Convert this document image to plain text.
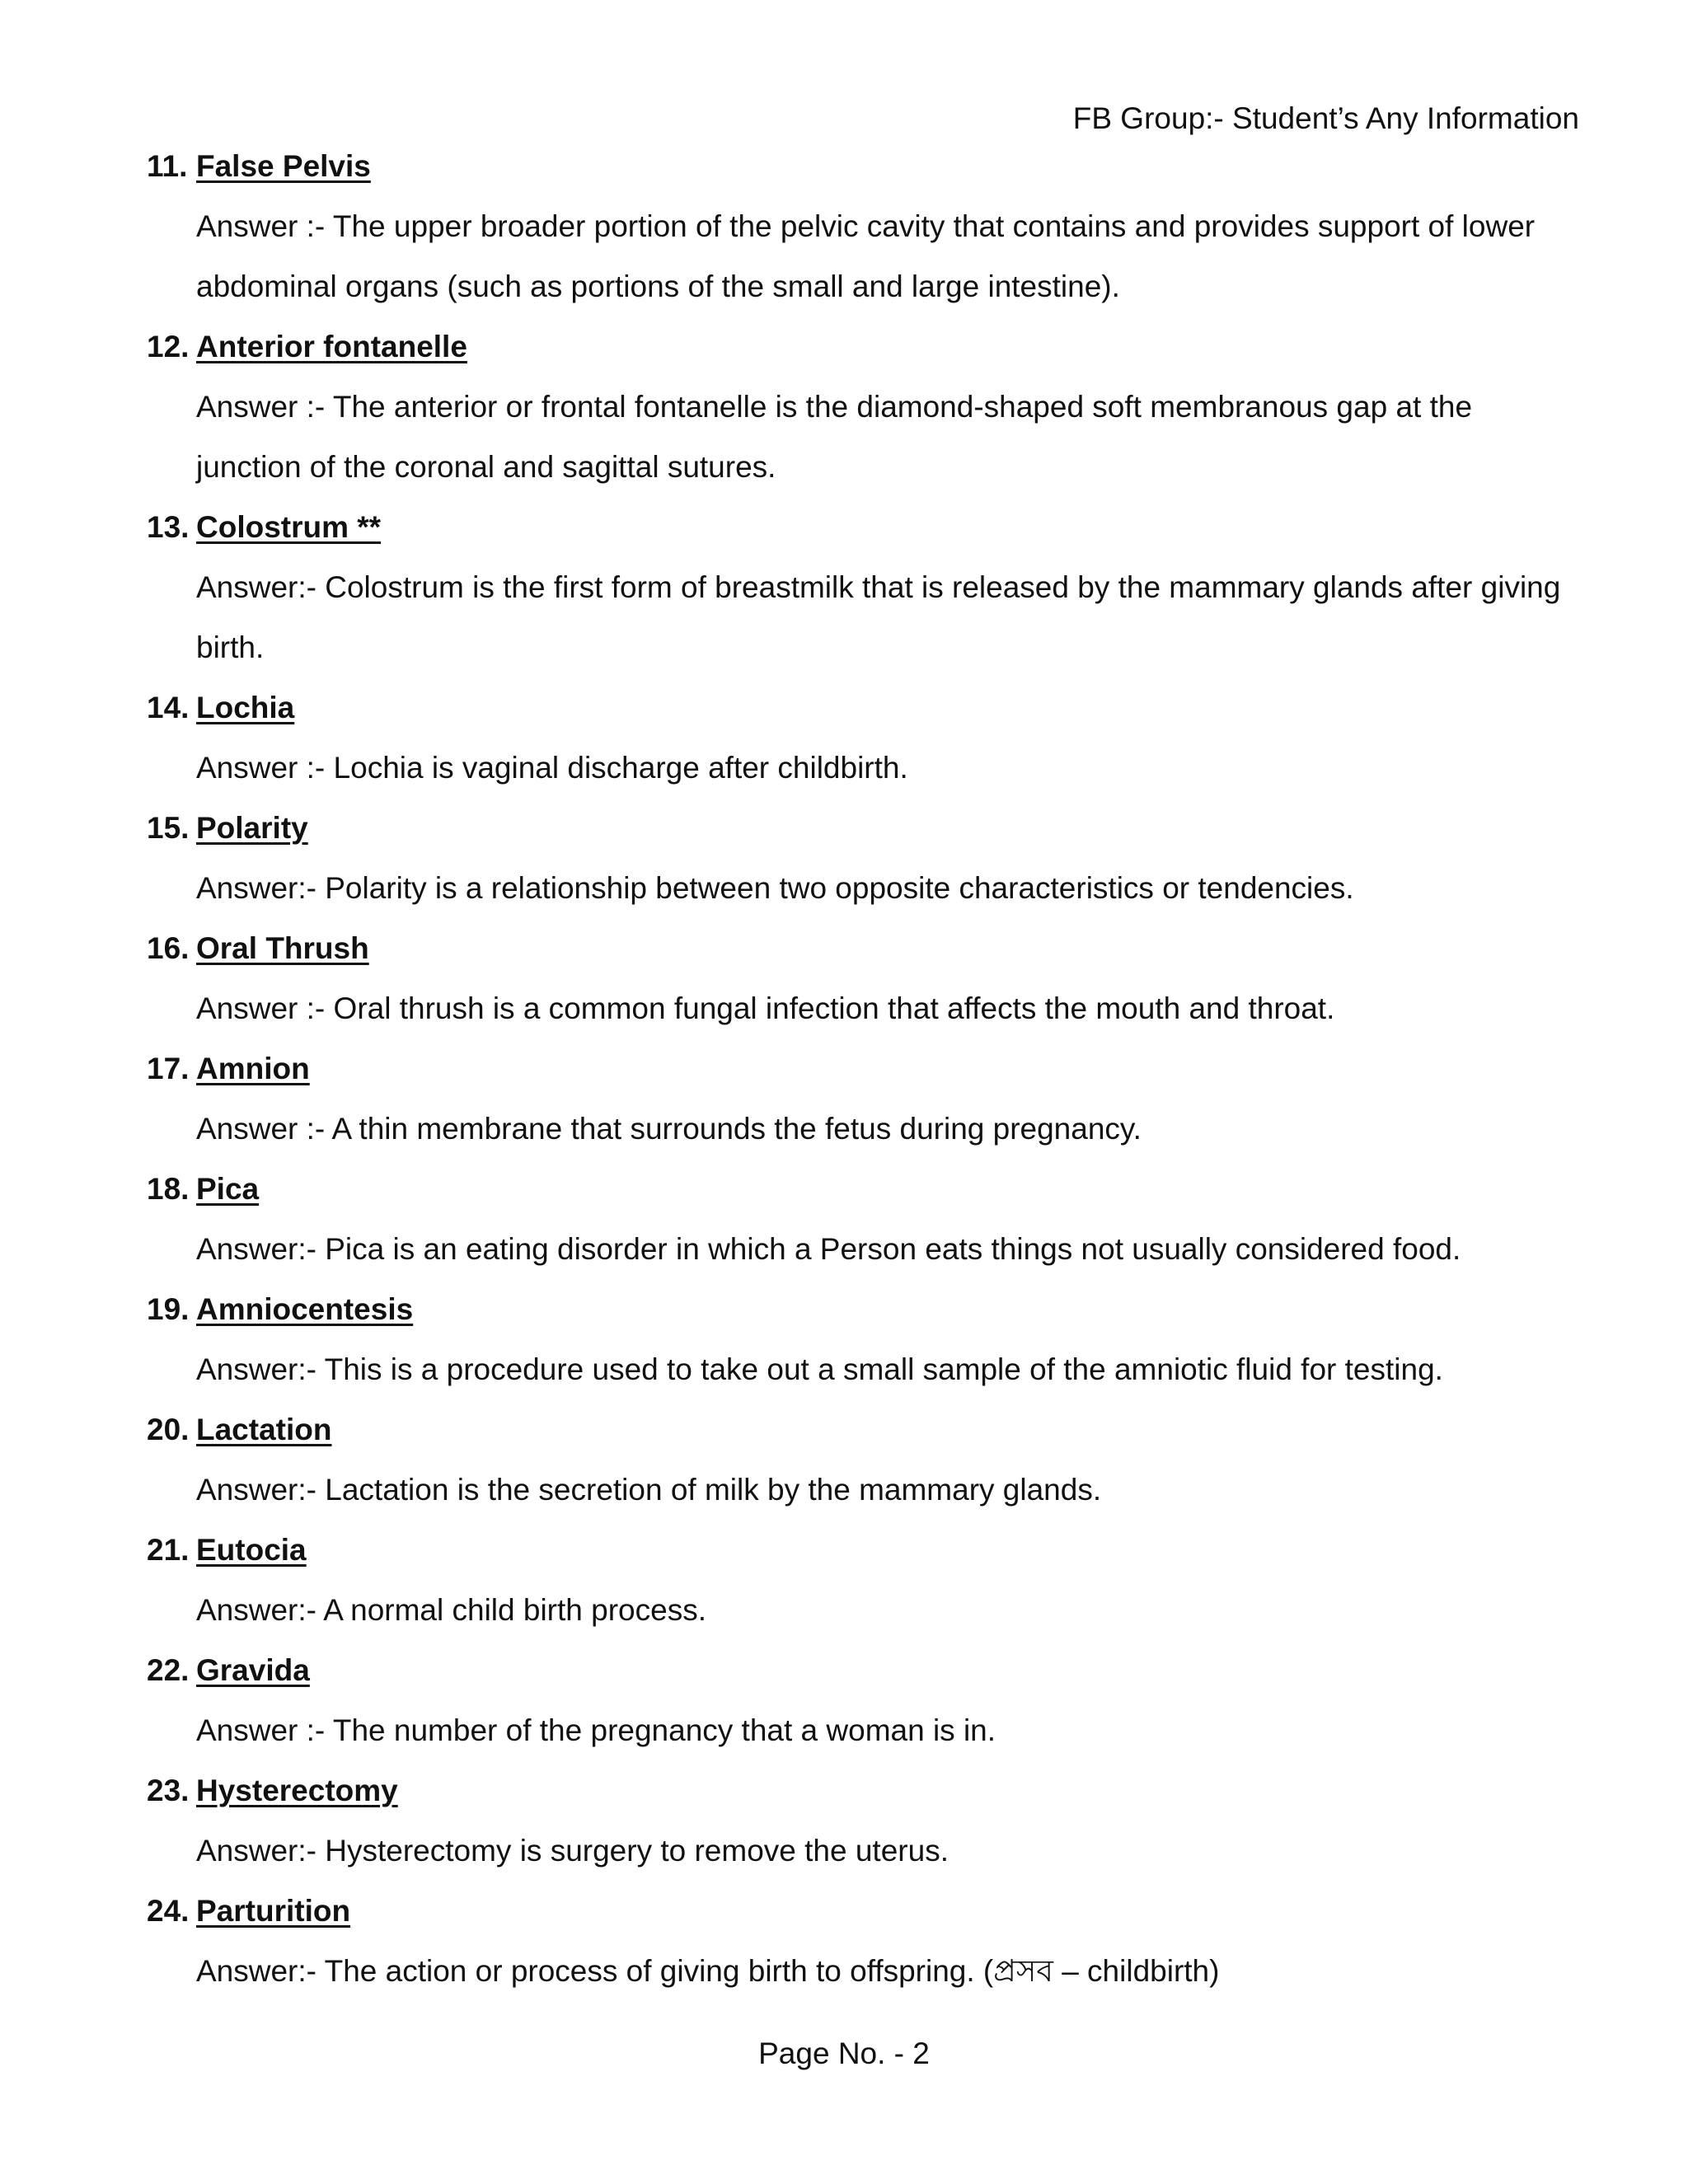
FB Group:- Student’s Any Information
11. False Pelvis

Answer :- The upper broader portion of the pelvic cavity that contains and provides support of lower abdominal organs (such as portions of the small and large intestine).

12. Anterior fontanelle

Answer :- The anterior or frontal fontanelle is the diamond-shaped soft membranous gap at the junction of the coronal and sagittal sutures.

13. Colostrum **

Answer:- Colostrum is the first form of breastmilk that is released by the mammary glands after giving birth.

14. Lochia

Answer :- Lochia is vaginal discharge after childbirth.

15. Polarity

Answer:- Polarity is a relationship between two opposite characteristics or tendencies.

16. Oral Thrush

Answer :- Oral thrush is a common fungal infection that affects the mouth and throat.

17. Amnion

Answer :- A thin membrane that surrounds the fetus during pregnancy.

18. Pica

Answer:- Pica is an eating disorder in which a Person eats things not usually considered food.

19. Amniocentesis

Answer:- This is a procedure used to take out a small sample of the amniotic fluid for testing.

20. Lactation

Answer:- Lactation is the secretion of milk by the mammary glands.

21. Eutocia

Answer:- A normal child birth process.

22. Gravida

Answer :- The number of the pregnancy that a woman is in.

23. Hysterectomy

Answer:- Hysterectomy is surgery to remove the uterus.

24. Parturition

Answer:- The action or process of giving birth to offspring. (প্রসব – childbirth)

Page No. - 2
